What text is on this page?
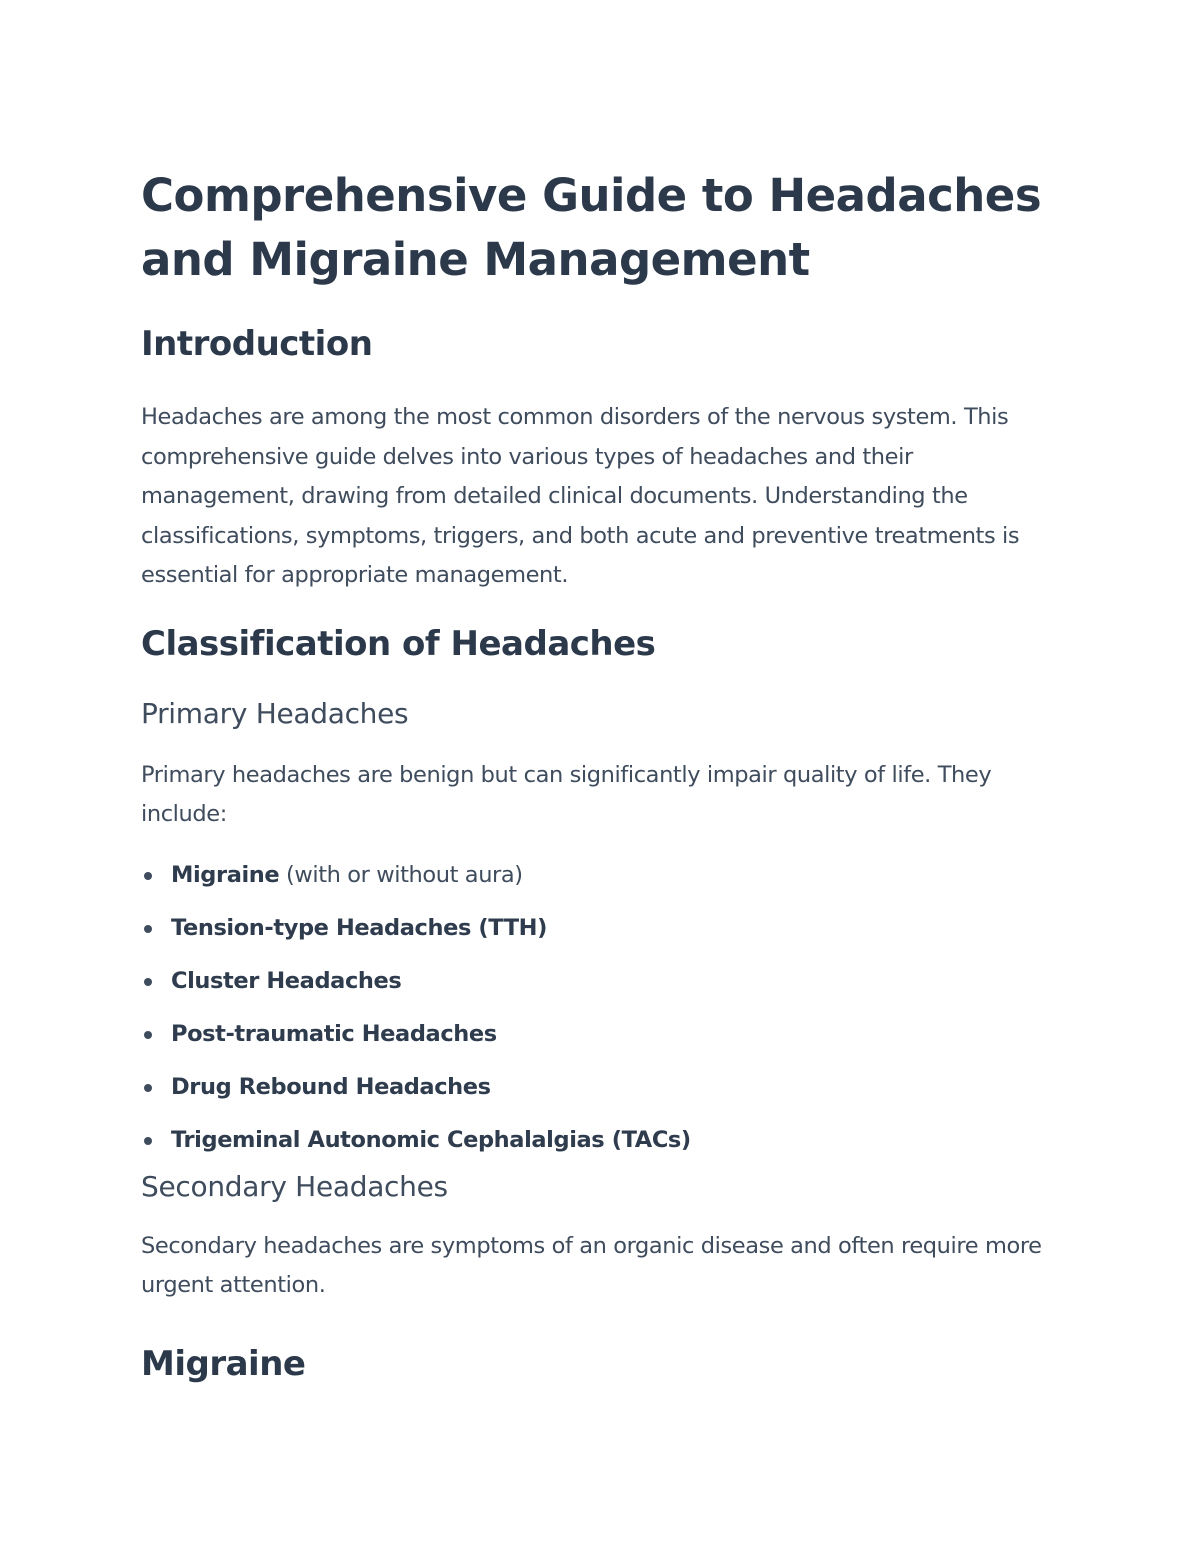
Comprehensive Guide to Headaches and Migraine Management
Introduction

Headaches are among the most common disorders of the nervous system. This comprehensive guide delves into various types of headaches and their management, drawing from detailed clinical documents. Understanding the classifications, symptoms, triggers, and both acute and preventive treatments is essential for appropriate management.

Classification of Headaches
Primary Headaches

Primary headaches are benign but can significantly impair quality of life. They include:

Migraine (with or without aura)
Tension-type Headaches (TTH)
Cluster Headaches
Post-traumatic Headaches
Drug Rebound Headaches
Trigeminal Autonomic Cephalalgias (TACs)
Secondary Headaches

Secondary headaches are symptoms of an organic disease and often require more urgent attention.

Migraine
